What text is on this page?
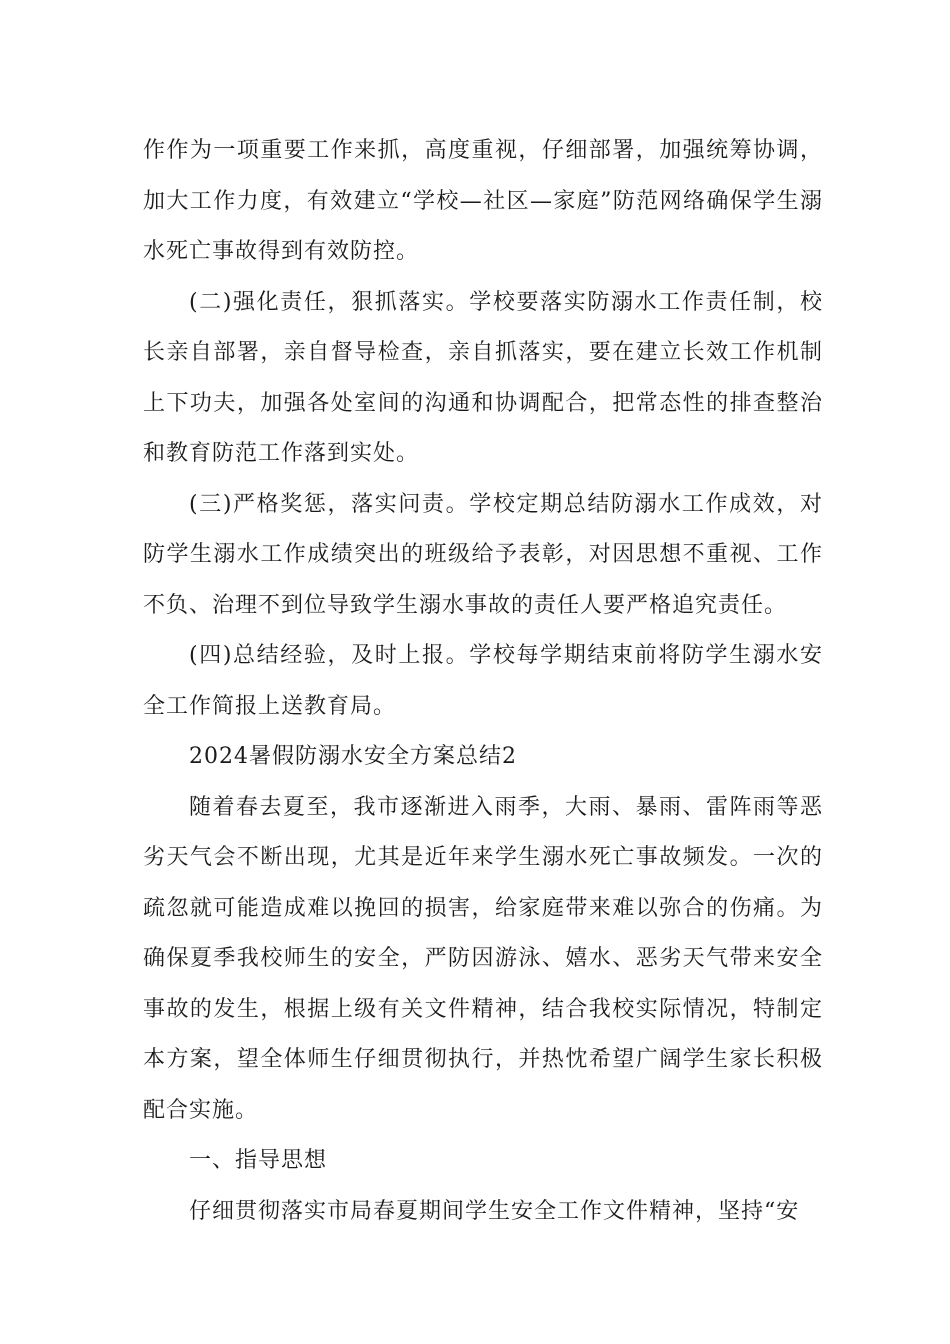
作作为一项重要工作来抓，高度重视，仔细部署，加强统筹协调，加大工作力度，有效建立“学校—社区—家庭”防范网络确保学生溺水死亡事故得到有效防控。

(二)强化责任，狠抓落实。学校要落实防溺水工作责任制，校长亲自部署，亲自督导检查，亲自抓落实，要在建立长效工作机制上下功夫，加强各处室间的沟通和协调配合，把常态性的排查整治和教育防范工作落到实处。

(三)严格奖惩，落实问责。学校定期总结防溺水工作成效，对防学生溺水工作成绩突出的班级给予表彰，对因思想不重视、工作不负、治理不到位导致学生溺水事故的责任人要严格追究责任。

(四)总结经验，及时上报。学校每学期结束前将防学生溺水安全工作简报上送教育局。

2024暑假防溺水安全方案总结2

随着春去夏至，我市逐渐进入雨季，大雨、暴雨、雷阵雨等恶劣天气会不断出现，尤其是近年来学生溺水死亡事故频发。一次的疏忽就可能造成难以挽回的损害，给家庭带来难以弥合的伤痛。为确保夏季我校师生的安全，严防因游泳、嬉水、恶劣天气带来安全事故的发生，根据上级有关文件精神，结合我校实际情况，特制定本方案，望全体师生仔细贯彻执行，并热忱希望广阔学生家长积极配合实施。

一、指导思想

仔细贯彻落实市局春夏期间学生安全工作文件精神，坚持“安
